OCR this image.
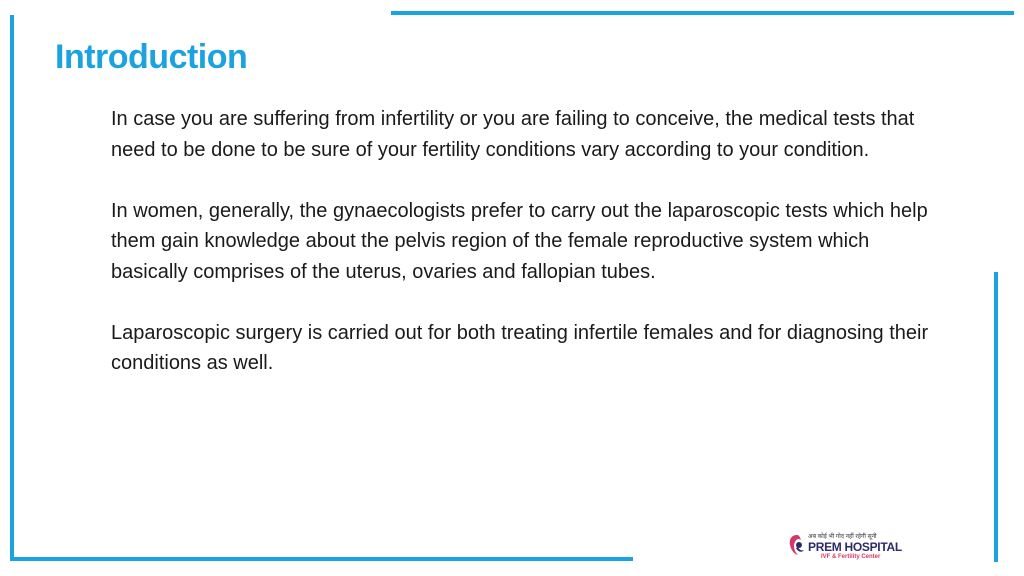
Introduction

In case you are suffering from infertility or you are failing to conceive, the medical tests that need to be done to be sure of your fertility conditions vary according to your condition.

In women, generally, the gynaecologists prefer to carry out the laparoscopic tests which help them gain knowledge about the pelvis region of the female reproductive system which basically comprises of the uterus, ovaries and fallopian tubes.

Laparoscopic surgery is carried out for both treating infertile females and for diagnosing their conditions as well.

अब कोई भी गोद नहीं रहेगी सूनी
PREM HOSPITAL
IVF & Fertility Center
